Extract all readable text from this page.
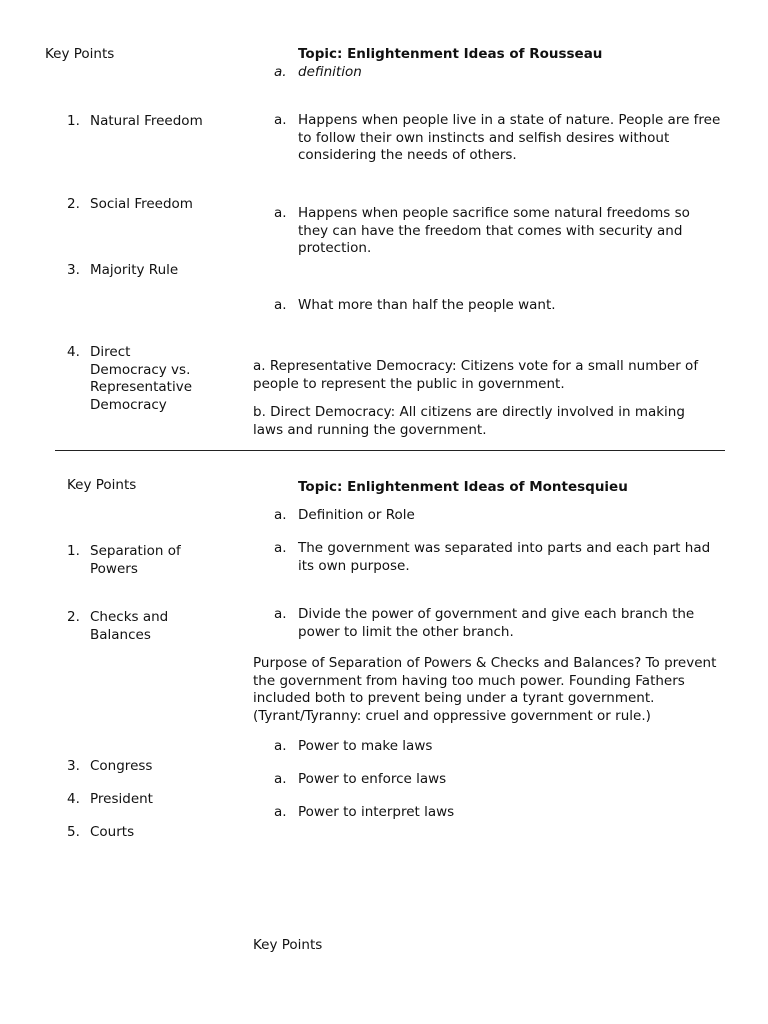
Key Points	Topic: Enlightenment Ideas of Rousseau
a. definition
1. Natural Freedom
2. Social Freedom
3. Majority Rule
4. Direct Democracy vs. Representative Democracy
a. Happens when people live in a state of nature. People are free to follow their own instincts and selfish desires without considering the needs of others.
a. Happens when people sacrifice some natural freedoms so they can have the freedom that comes with security and protection.
a. What more than half the people want.
a. Representative Democracy: Citizens vote for a small number of people to represent the public in government.
b. Direct Democracy: All citizens are directly involved in making laws and running the government.
Key Points	Topic: Enlightenment Ideas of Montesquieu
a. Definition or Role
1. Separation of Powers
2. Checks and Balances
3. Congress
4. President
5. Courts
a. The government was separated into parts and each part had its own purpose.
a. Divide the power of government and give each branch the power to limit the other branch.
Purpose of Separation of Powers & Checks and Balances? To prevent the government from having too much power. Founding Fathers included both to prevent being under a tyrant government. (Tyrant/Tyranny: cruel and oppressive government or rule.)
a. Power to make laws
a. Power to enforce laws
a. Power to interpret laws
Key Points
